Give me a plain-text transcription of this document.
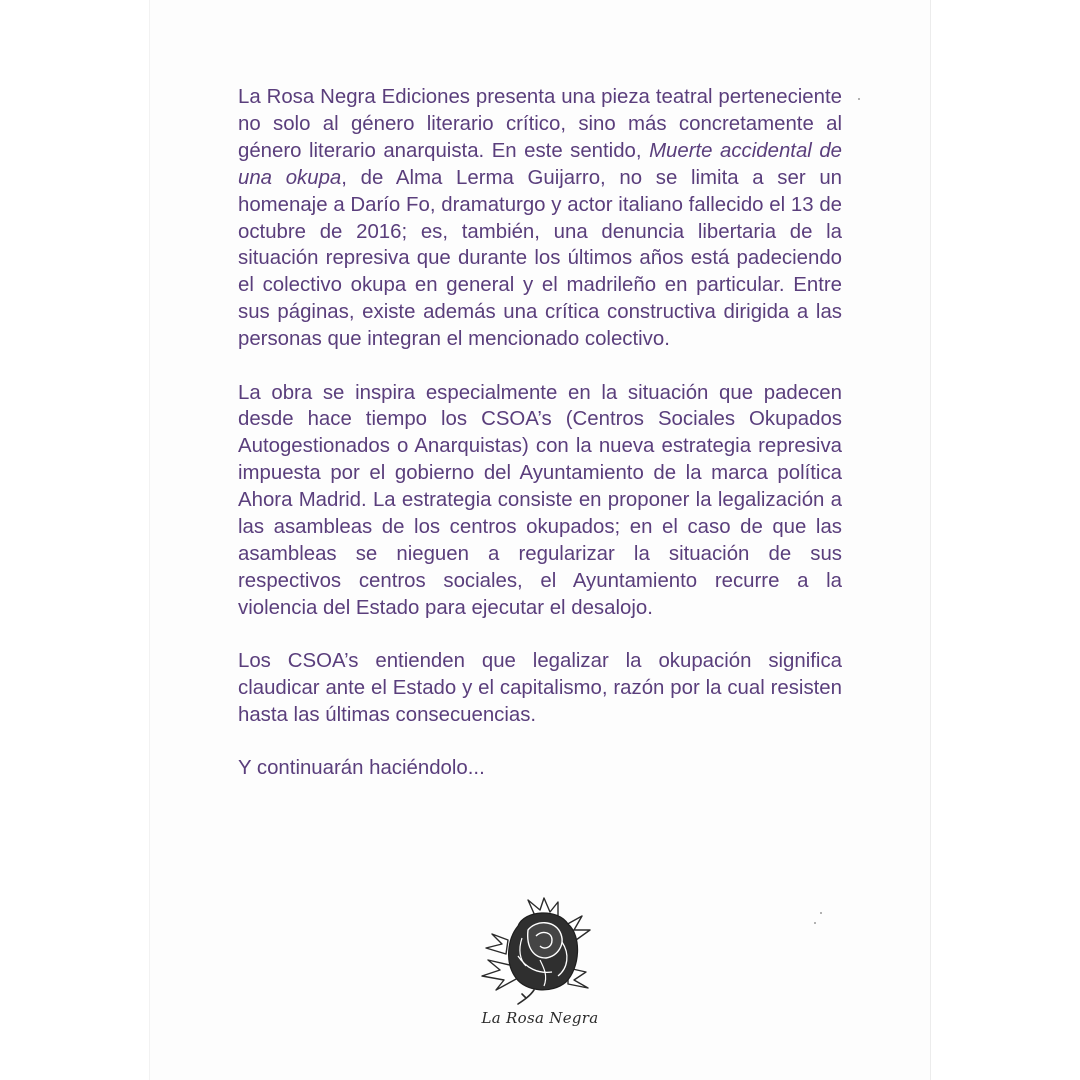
La Rosa Negra Ediciones presenta una pieza teatral perteneciente no solo al género literario crítico, sino más concretamente al género literario anarquista. En este sentido, Muerte accidental de una okupa, de Alma Lerma Guijarro, no se limita a ser un homenaje a Darío Fo, dramaturgo y actor italiano fallecido el 13 de octubre de 2016; es, también, una denuncia libertaria de la situación represiva que durante los últimos años está padeciendo el colectivo okupa en general y el madrileño en particular. Entre sus páginas, existe además una crítica constructiva dirigida a las personas que integran el mencionado colectivo.

La obra se inspira especialmente en la situación que padecen desde hace tiempo los CSOA’s (Centros Sociales Okupados Autogestionados o Anarquistas) con la nueva estrategia represiva impuesta por el gobierno del Ayuntamiento de la marca política Ahora Madrid. La estrategia consiste en proponer la legalización a las asambleas de los centros okupados; en el caso de que las asambleas se nieguen a regularizar la situación de sus respectivos centros sociales, el Ayuntamiento recurre a la violencia del Estado para ejecutar el desalojo.

Los CSOA’s entienden que legalizar la okupación significa claudicar ante el Estado y el capitalismo, razón por la cual resisten hasta las últimas consecuencias.

Y continuarán haciéndolo...

La Rosa Negra
